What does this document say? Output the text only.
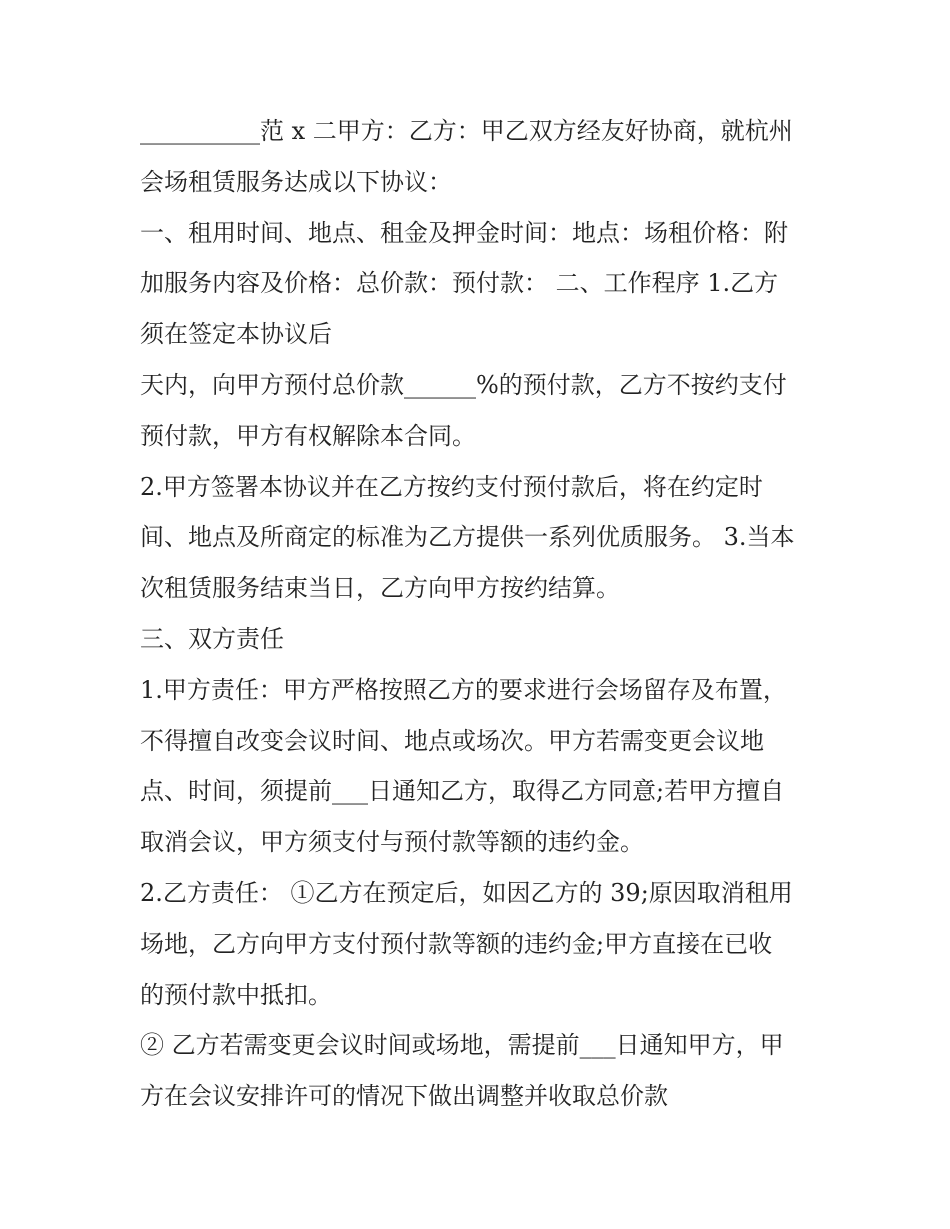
__________范 x 二甲方：乙方：甲乙双方经友好协商，就杭州
会场租赁服务达成以下协议：
一、租用时间、地点、租金及押金时间：地点：场租价格：附
加服务内容及价格：总价款：预付款： 二、工作程序 1.乙方
须在签定本协议后
天内，向甲方预付总价款______%的预付款，乙方不按约支付
预付款，甲方有权解除本合同。
2.甲方签署本协议并在乙方按约支付预付款后，将在约定时
间、地点及所商定的标准为乙方提供一系列优质服务。 3.当本
次租赁服务结束当日，乙方向甲方按约结算。
三、双方责任
1.甲方责任：甲方严格按照乙方的要求进行会场留存及布置，
不得擅自改变会议时间、地点或场次。甲方若需变更会议地
点、时间，须提前___日通知乙方，取得乙方同意;若甲方擅自
取消会议，甲方须支付与预付款等额的违约金。
2.乙方责任： ①乙方在预定后，如因乙方的 39;原因取消租用
场地，乙方向甲方支付预付款等额的违约金;甲方直接在已收
的预付款中抵扣。
② 乙方若需变更会议时间或场地，需提前___日通知甲方，甲
方在会议安排许可的情况下做出调整并收取总价款
